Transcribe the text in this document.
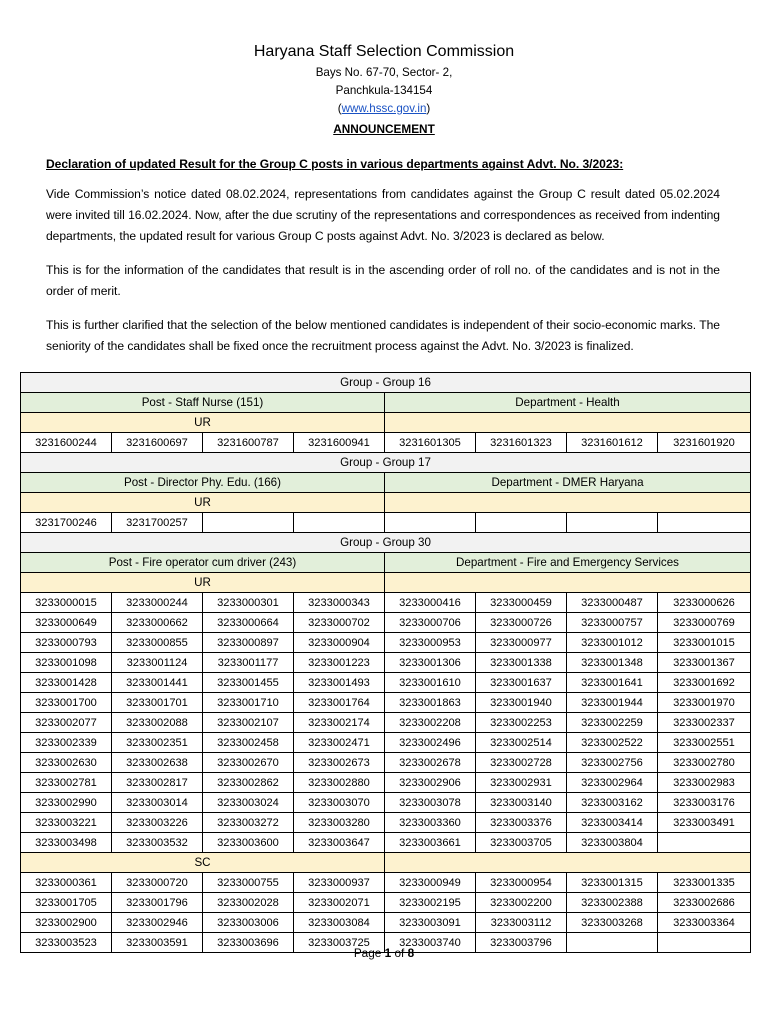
Haryana Staff Selection Commission
Bays No. 67-70, Sector- 2,
Panchkula-134154
(www.hssc.gov.in)
ANNOUNCEMENT
Declaration of updated Result for the Group C posts in various departments against Advt. No. 3/2023:
Vide Commission’s notice dated 08.02.2024, representations from candidates against the Group C result dated 05.02.2024 were invited till 16.02.2024. Now, after the due scrutiny of the representations and correspondences as received from indenting departments, the updated result for various Group C posts against Advt. No. 3/2023 is declared as below.
This is for the information of the candidates that result is in the ascending order of roll no. of the candidates and is not in the order of merit.
This is further clarified that the selection of the below mentioned candidates is independent of their socio-economic marks. The seniority of the candidates shall be fixed once the recruitment process against the Advt. No. 3/2023 is finalized.
Group - Group 16							
Post - Staff Nurse (151)				Department - Health			
UR							
3231600244	3231600697	3231600787	3231600941	3231601305	3231601323	3231601612	3231601920
Group - Group 17							
Post - Director Phy. Edu. (166)				Department - DMER Haryana			
UR							
3231700246	3231700257						
Group - Group 30							
Post - Fire operator cum driver (243)				Department - Fire and Emergency Services			
UR							
3233000015	3233000244	3233000301	3233000343	3233000416	3233000459	3233000487	3233000626
3233000649	3233000662	3233000664	3233000702	3233000706	3233000726	3233000757	3233000769
3233000793	3233000855	3233000897	3233000904	3233000953	3233000977	3233001012	3233001015
3233001098	3233001124	3233001177	3233001223	3233001306	3233001338	3233001348	3233001367
3233001428	3233001441	3233001455	3233001493	3233001610	3233001637	3233001641	3233001692
3233001700	3233001701	3233001710	3233001764	3233001863	3233001940	3233001944	3233001970
3233002077	3233002088	3233002107	3233002174	3233002208	3233002253	3233002259	3233002337
3233002339	3233002351	3233002458	3233002471	3233002496	3233002514	3233002522	3233002551
3233002630	3233002638	3233002670	3233002673	3233002678	3233002728	3233002756	3233002780
3233002781	3233002817	3233002862	3233002880	3233002906	3233002931	3233002964	3233002983
3233002990	3233003014	3233003024	3233003070	3233003078	3233003140	3233003162	3233003176
3233003221	3233003226	3233003272	3233003280	3233003360	3233003376	3233003414	3233003491
3233003498	3233003532	3233003600	3233003647	3233003661	3233003705	3233003804	
SC							
3233000361	3233000720	3233000755	3233000937	3233000949	3233000954	3233001315	3233001335
3233001705	3233001796	3233002028	3233002071	3233002195	3233002200	3233002388	3233002686
3233002900	3233002946	3233003006	3233003084	3233003091	3233003112	3233003268	3233003364
3233003523	3233003591	3233003696	3233003725	3233003740	3233003796		
Page 1 of 8
